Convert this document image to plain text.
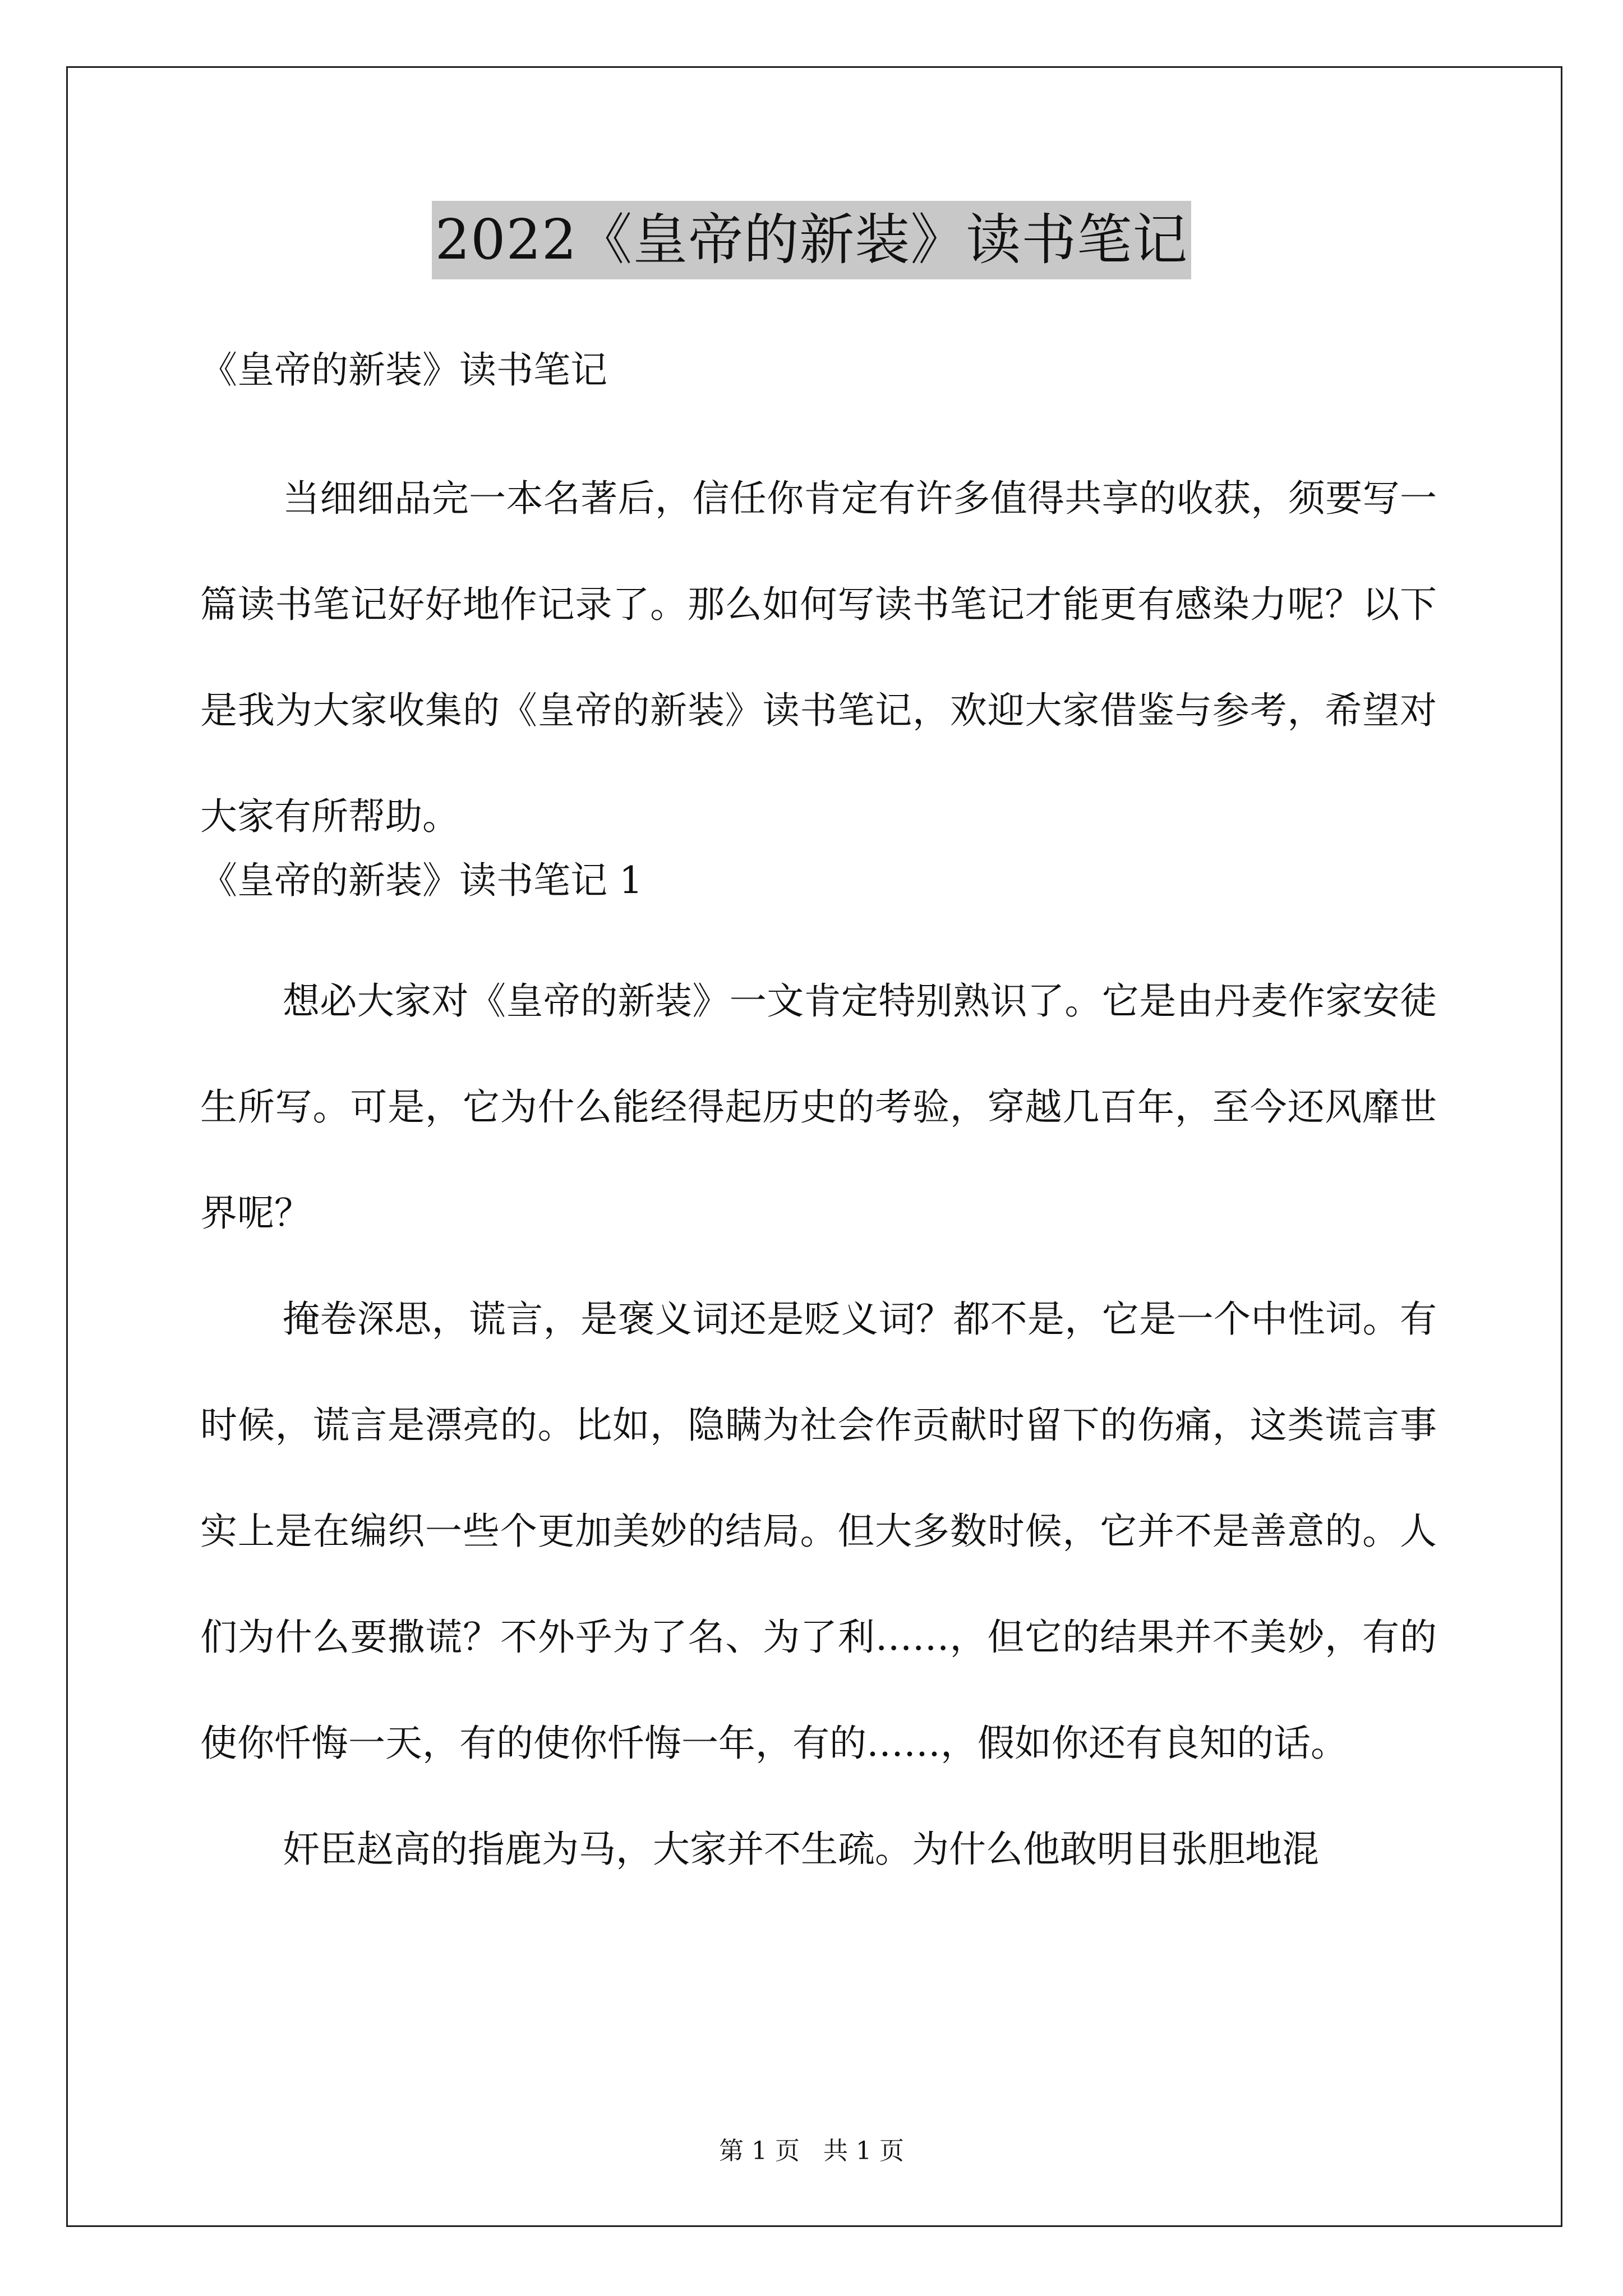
2022《皇帝的新装》读书笔记

《皇帝的新装》读书笔记

当细细品完一本名著后，信任你肯定有许多值得共享的收获，须要写一篇读书笔记好好地作记录了。那么如何写读书笔记才能更有感染力呢？以下是我为大家收集的《皇帝的新装》读书笔记，欢迎大家借鉴与参考，希望对大家有所帮助。

《皇帝的新装》读书笔记 1

想必大家对《皇帝的新装》一文肯定特别熟识了。它是由丹麦作家安徒生所写。可是，它为什么能经得起历史的考验，穿越几百年，至今还风靡世界呢？

掩卷深思，谎言，是褒义词还是贬义词？都不是，它是一个中性词。有时候，谎言是漂亮的。比如，隐瞒为社会作贡献时留下的伤痛，这类谎言事实上是在编织一些个更加美妙的结局。但大多数时候，它并不是善意的。人们为什么要撒谎？不外乎为了名、为了利……，但它的结果并不美妙，有的使你忏悔一天，有的使你忏悔一年，有的……，假如你还有良知的话。

奸臣赵高的指鹿为马，大家并不生疏。为什么他敢明目张胆地混

第 1 页   共 1 页
